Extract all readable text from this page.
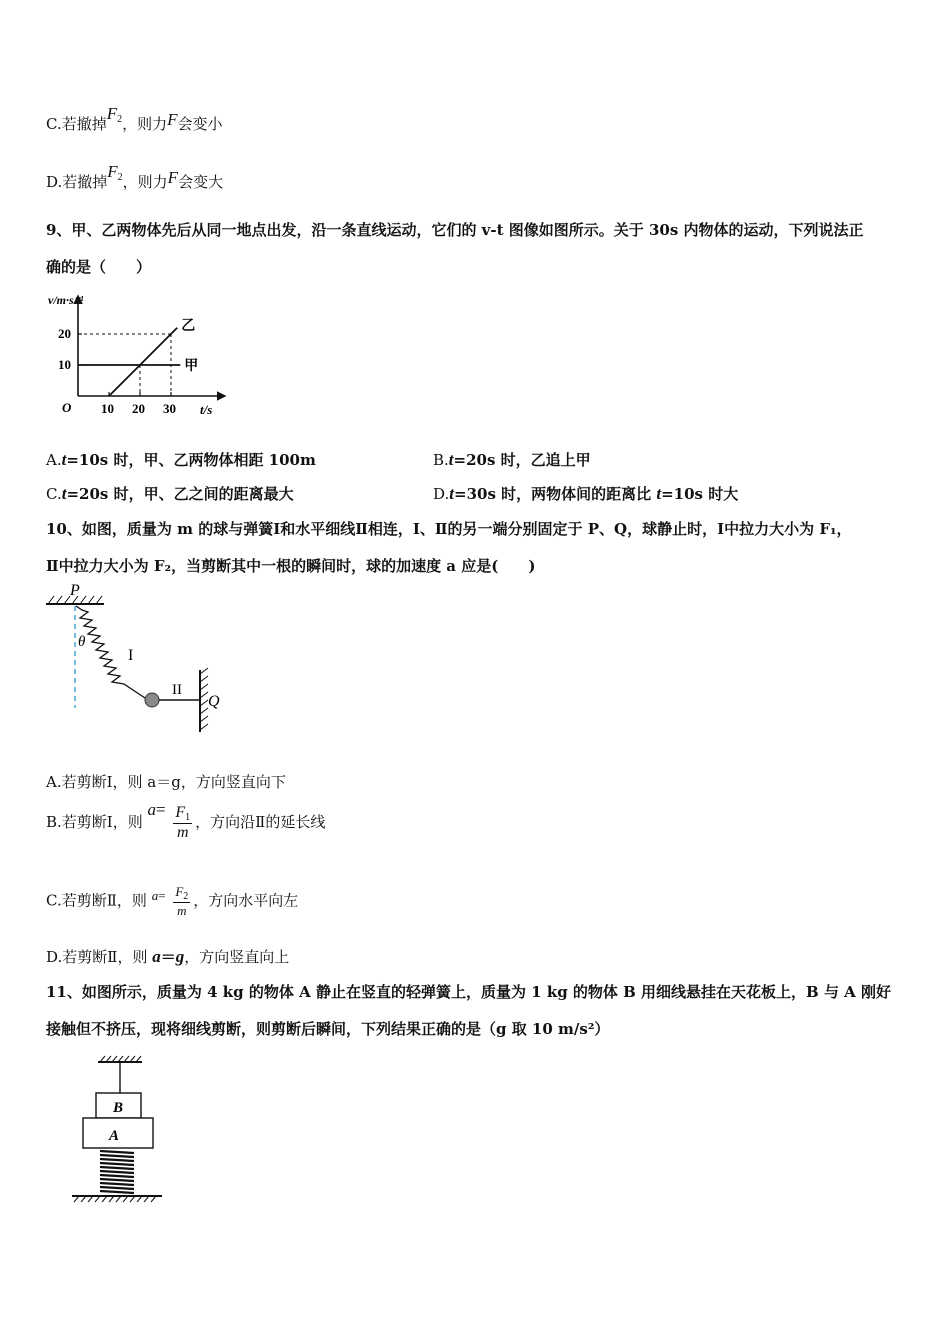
C.若撤掉$F_2$，则力F会变小
D.若撤掉$F_2$，则力F会变大
9、甲、乙两物体先后从同一地点出发，沿一条直线运动，它们的 v-t 图像如图所示。关于 30s 内物体的运动，下列说法正
确的是（　　）
v/m·s⁻¹
t/s
O
10
20
10 20 30
甲
乙
A.t=10s 时，甲、乙两物体相距 100m	B.t=20s 时，乙追上甲
C.t=20s 时，甲、乙之间的距离最大	D.t=30s 时，两物体间的距离比 t=10s 时大
10、如图，质量为 m 的球与弹簧Ⅰ和水平细线Ⅱ相连，Ⅰ、Ⅱ的另一端分别固定于 P、Q，球静止时，Ⅰ中拉力大小为 F₁，
Ⅱ中拉力大小为 F₂，当剪断其中一根的瞬间时，球的加速度 a 应是(　　)
P
θ
I
II
Q
A.若剪断Ⅰ，则 a＝g，方向竖直向下
B.若剪断Ⅰ，则 $a= \frac{F_1}{m}$ ，方向沿Ⅱ的延长线
C.若剪断Ⅱ，则 $a= \frac{F_2}{m}$ ，方向水平向左
D.若剪断Ⅱ，则 a＝g，方向竖直向上
11、如图所示，质量为 4 kg 的物体 A 静止在竖直的轻弹簧上，质量为 1 kg 的物体 B 用细线悬挂在天花板上，B 与 A 刚好
接触但不挤压，现将细线剪断，则剪断后瞬间，下列结果正确的是（g 取 10 m/s²）
B
A
